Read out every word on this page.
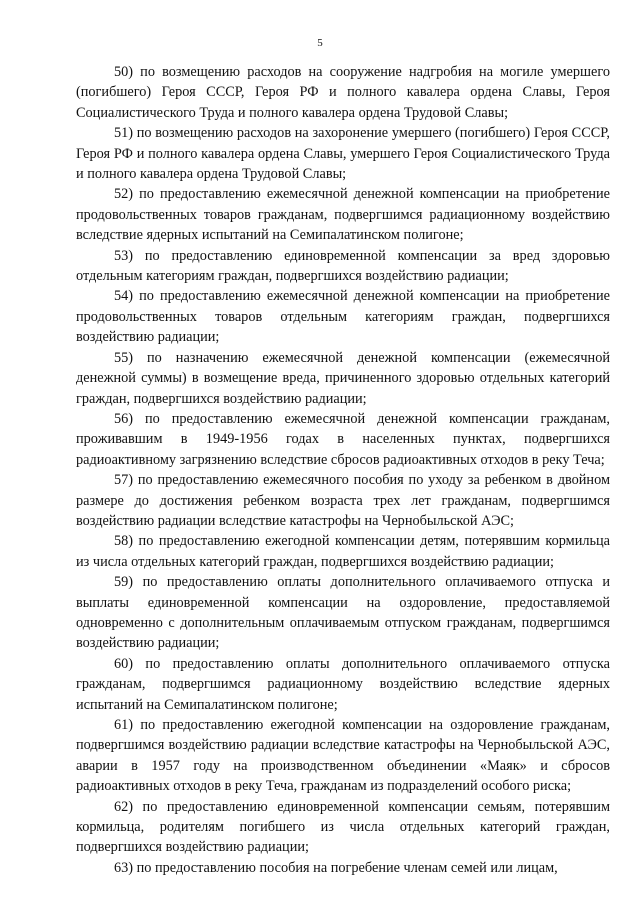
5

50) по возмещению расходов на сооружение надгробия на могиле умершего (погибшего) Героя СССР, Героя РФ и полного кавалера ордена Славы, Героя Социалистического Труда и полного кавалера ордена Трудовой Славы;

51) по возмещению расходов на захоронение умершего (погибшего) Героя СССР, Героя РФ и полного кавалера ордена Славы, умершего Героя Социалистического Труда и полного кавалера ордена Трудовой Славы;

52) по предоставлению ежемесячной денежной компенсации на приобретение продовольственных товаров гражданам, подвергшимся радиационному воздействию вследствие ядерных испытаний на Семипалатинском полигоне;

53) по предоставлению единовременной компенсации за вред здоровью отдельным категориям граждан, подвергшихся воздействию радиации;

54) по предоставлению ежемесячной денежной компенсации на приобретение продовольственных товаров отдельным категориям граждан, подвергшихся воздействию радиации;

55) по назначению ежемесячной денежной компенсации (ежемесячной денежной суммы) в возмещение вреда, причиненного здоровью отдельных категорий граждан, подвергшихся воздействию радиации;

56) по предоставлению ежемесячной денежной компенсации гражданам, проживавшим в 1949-1956 годах в населенных пунктах, подвергшихся радиоактивному загрязнению вследствие сбросов радиоактивных отходов в реку Теча;

57) по предоставлению ежемесячного пособия по уходу за ребенком в двойном размере до достижения ребенком возраста трех лет гражданам, подвергшимся воздействию радиации вследствие катастрофы на Чернобыльской АЭС;

58) по предоставлению ежегодной компенсации детям, потерявшим кормильца из числа отдельных категорий граждан, подвергшихся воздействию радиации;

59) по предоставлению оплаты дополнительного оплачиваемого отпуска и выплаты единовременной компенсации на оздоровление, предоставляемой одновременно с дополнительным оплачиваемым отпуском гражданам, подвергшимся воздействию радиации;

60) по предоставлению оплаты дополнительного оплачиваемого отпуска гражданам, подвергшимся радиационному воздействию вследствие ядерных испытаний на Семипалатинском полигоне;

61) по предоставлению ежегодной компенсации на оздоровление гражданам, подвергшимся воздействию радиации вследствие катастрофы на Чернобыльской АЭС, аварии в 1957 году на производственном объединении «Маяк» и сбросов радиоактивных отходов в реку Теча, гражданам из подразделений особого риска;

62) по предоставлению единовременной компенсации семьям, потерявшим кормильца, родителям погибшего из числа отдельных категорий граждан, подвергшихся воздействию радиации;

63) по предоставлению пособия на погребение членам семей или лицам,
